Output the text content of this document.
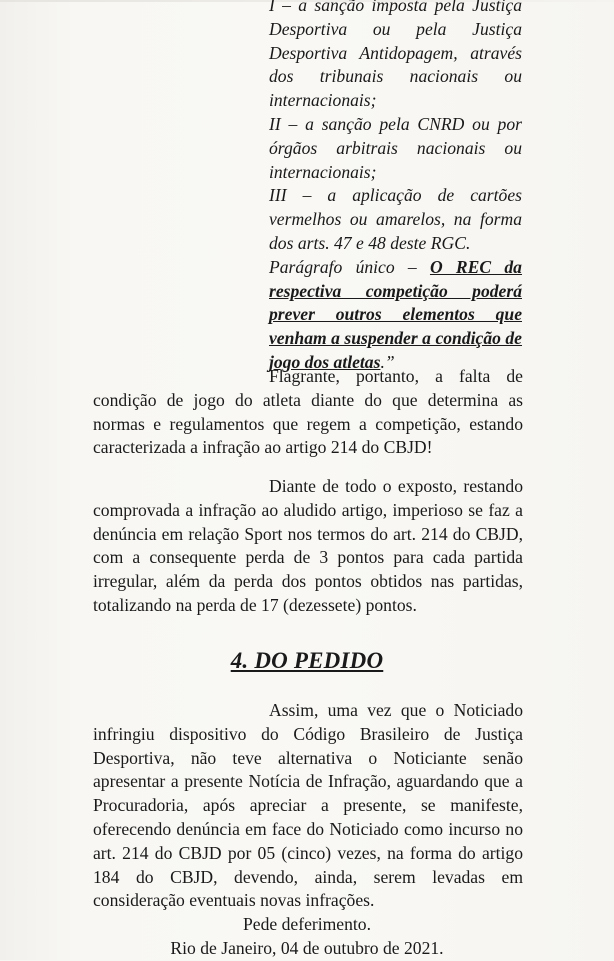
I – a sanção imposta pela Justiça Desportiva ou pela Justiça Desportiva Antidopagem, através dos tribunais nacionais ou internacionais;

II – a sanção pela CNRD ou por órgãos arbitrais nacionais ou internacionais;

III – a aplicação de cartões vermelhos ou amarelos, na forma dos arts. 47 e 48 deste RGC.

Parágrafo único – O REC da respectiva competição poderá prever outros elementos que venham a suspender a condição de jogo dos atletas.”

Flagrante, portanto, a falta de condição de jogo do atleta diante do que determina as normas e regulamentos que regem a competição, estando caracterizada a infração ao artigo 214 do CBJD!

Diante de todo o exposto, restando comprovada a infração ao aludido artigo, imperioso se faz a denúncia em relação Sport nos termos do art. 214 do CBJD, com a consequente perda de 3 pontos para cada partida irregular, além da perda dos pontos obtidos nas partidas, totalizando na perda de 17 (dezessete) pontos.

4. DO PEDIDO

Assim, uma vez que o Noticiado infringiu dispositivo do Código Brasileiro de Justiça Desportiva, não teve alternativa o Noticiante senão apresentar a presente Notícia de Infração, aguardando que a Procuradoria, após apreciar a presente, se manifeste, oferecendo denúncia em face do Noticiado como incurso no art. 214 do CBJD por 05 (cinco) vezes, na forma do artigo 184 do CBJD, devendo, ainda, serem levadas em consideração eventuais novas infrações.

Pede deferimento.

Rio de Janeiro, 04 de outubro de 2021.
